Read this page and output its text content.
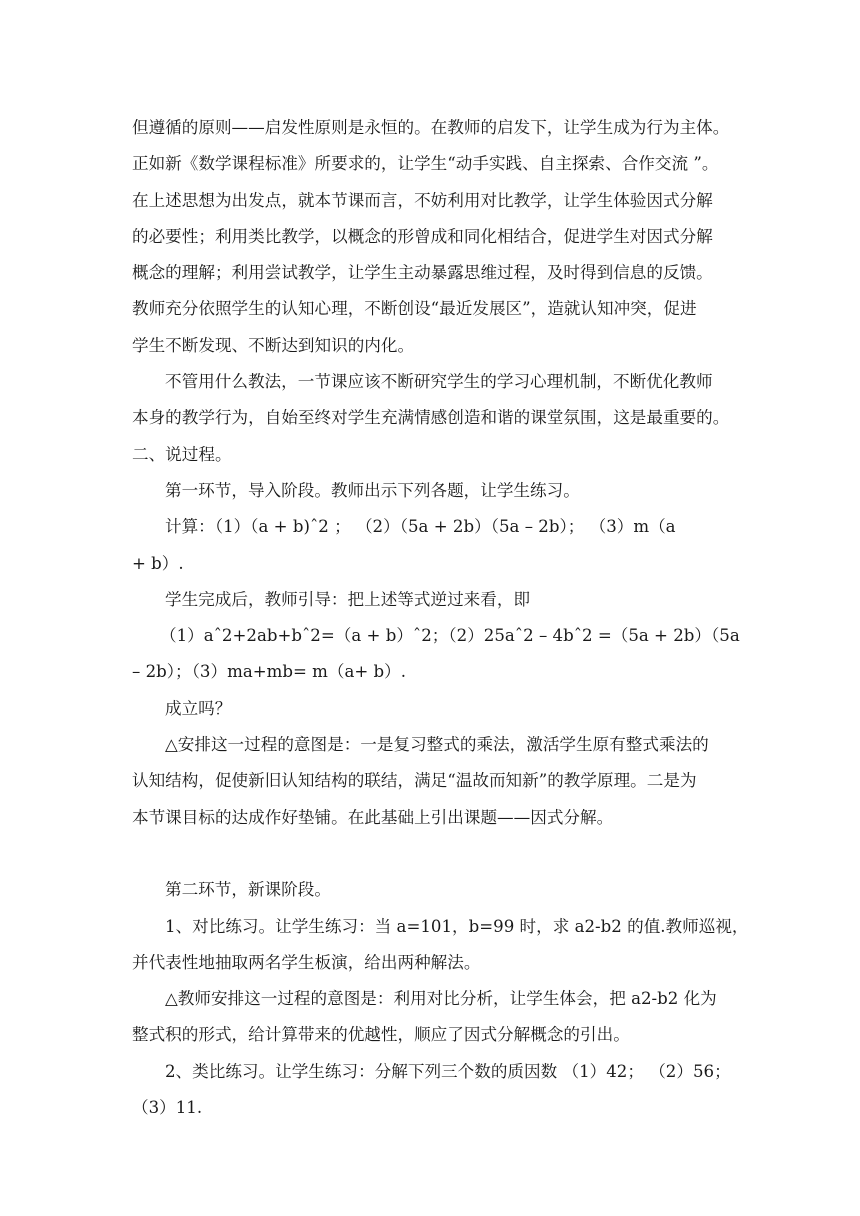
但遵循的原则——启发性原则是永恒的。在教师的启发下，让学生成为行为主体。
正如新《数学课程标准》所要求的，让学生“动手实践、自主探索、合作交流 ”。
在上述思想为出发点，就本节课而言，不妨利用对比教学，让学生体验因式分解
的必要性；利用类比教学，以概念的形曾成和同化相结合，促进学生对因式分解
概念的理解；利用尝试教学，让学生主动暴露思维过程，及时得到信息的反馈。
教师充分依照学生的认知心理，不断创设“最近发展区”，造就认知冲突，促进
学生不断发现、不断达到知识的内化。

不管用什么教法，一节课应该不断研究学生的学习心理机制，不断优化教师
本身的教学行为，自始至终对学生充满情感创造和谐的课堂氛围，这是最重要的。

二、说过程。

第一环节，导入阶段。教师出示下列各题，让学生练习。

计算：（1）（a + b)ˆ2 ； （2）（5a + 2b）（5a – 2b）； （3）m（a
+ b）.

学生完成后，教师引导：把上述等式逆过来看，即

（1）aˆ2+2ab+bˆ2=（a + b）ˆ2；（2）25aˆ2 – 4bˆ2 =（5a + 2b）（5a
– 2b）；（3）ma+mb= m（a+ b）.

成立吗？

△安排这一过程的意图是：一是复习整式的乘法，激活学生原有整式乘法的
认知结构，促使新旧认知结构的联结，满足“温故而知新”的教学原理。二是为
本节课目标的达成作好垫铺。在此基础上引出课题——因式分解。

第二环节，新课阶段。

1、对比练习。让学生练习：当 a=101，b=99 时，求 a2-b2 的值.教师巡视，
并代表性地抽取两名学生板演，给出两种解法。

△教师安排这一过程的意图是：利用对比分析，让学生体会，把 a2-b2 化为
整式积的形式，给计算带来的优越性，顺应了因式分解概念的引出。

2、类比练习。让学生练习：分解下列三个数的质因数 （1）42； （2）56；
（3）11.
